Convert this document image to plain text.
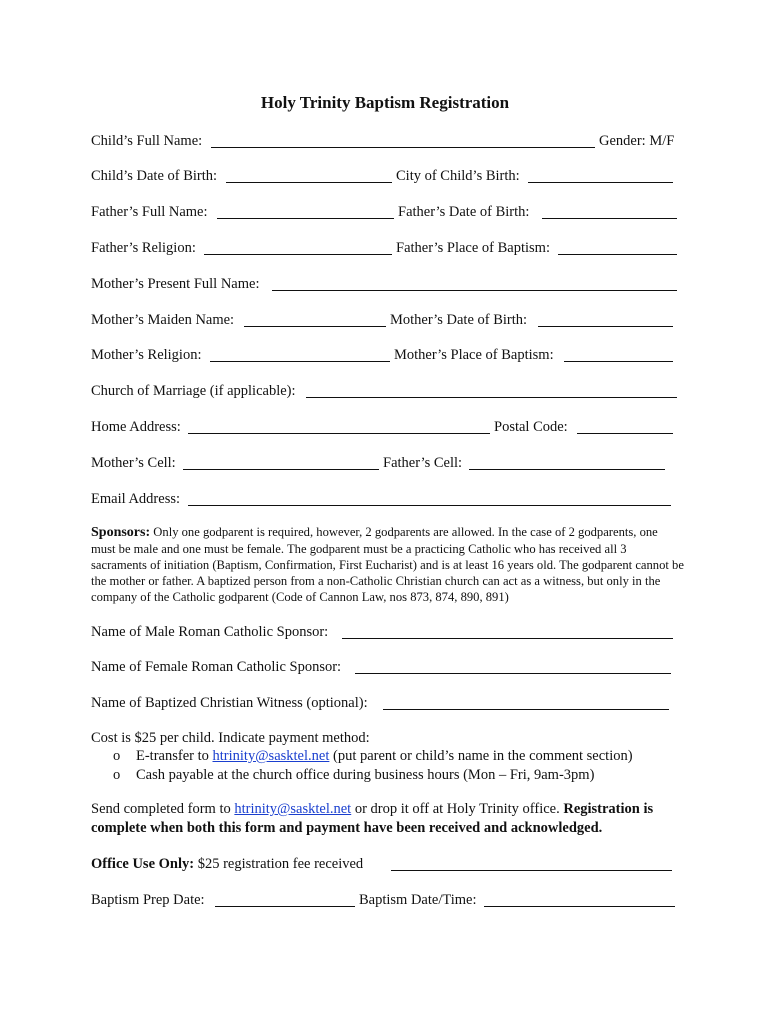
Holy Trinity Baptism Registration
Child’s Full Name:	Gender: M/F
Child’s Date of Birth:	City of Child’s Birth:
Father’s Full Name:	Father’s Date of Birth:
Father’s Religion:	Father’s Place of Baptism:
Mother’s Present Full Name:
Mother’s Maiden Name:	Mother’s Date of Birth:
Mother’s Religion:	Mother’s Place of Baptism:
Church of Marriage (if applicable):
Home Address:	Postal Code:
Mother’s Cell:	Father’s Cell:
Email Address:
Sponsors: Only one godparent is required, however, 2 godparents are allowed. In the case of 2 godparents, one must be male and one must be female. The godparent must be a practicing Catholic who has received all 3 sacraments of initiation (Baptism, Confirmation, First Eucharist) and is at least 16 years old. The godparent cannot be the mother or father. A baptized person from a non-Catholic Christian church can act as a witness, but only in the company of the Catholic godparent (Code of Cannon Law, nos 873, 874, 890, 891)
Name of Male Roman Catholic Sponsor:
Name of Female Roman Catholic Sponsor:
Name of Baptized Christian Witness (optional):
Cost is $25 per child. Indicate payment method:
o E-transfer to htrinity@sasktel.net (put parent or child’s name in the comment section)
o Cash payable at the church office during business hours (Mon – Fri, 9am-3pm)
Send completed form to htrinity@sasktel.net or drop it off at Holy Trinity office. Registration is complete when both this form and payment have been received and acknowledged.
Office Use Only: $25 registration fee received
Baptism Prep Date:	Baptism Date/Time:
